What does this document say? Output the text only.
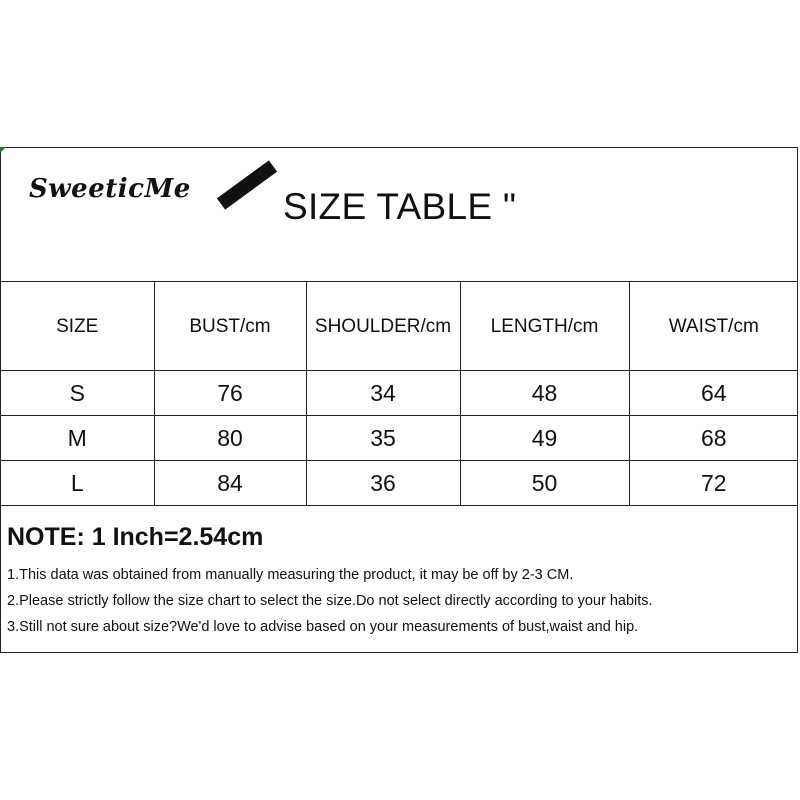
SweeticMe SIZE TABLE "
SIZE	BUST/cm	SHOULDER/cm	LENGTH/cm	WAIST/cm
S	76	34	48	64
M	80	35	49	68
L	84	36	50	72
NOTE: 1 Inch=2.54cm
1.This data was obtained from manually measuring the product, it may be off by 2-3 CM.
2.Please strictly follow the size chart to select the size.Do not select directly according to your habits.
3.Still not sure about size?We'd love to advise based on your measurements of bust,waist and hip.
